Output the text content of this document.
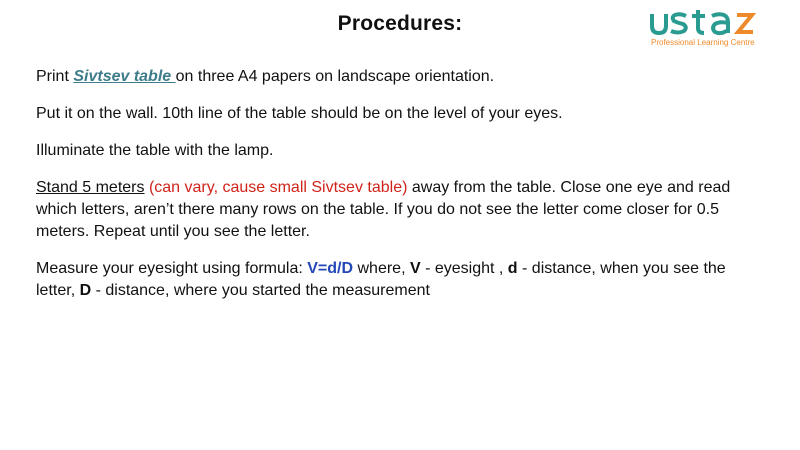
Procedures:
Professional Learning Centre

Print Sivtsev table on three A4 papers on landscape orientation.

Put it on the wall. 10th line of the table should be on the level of your eyes.

Illuminate the table with the lamp.

Stand 5 meters (can vary, cause small Sivtsev table) away from the table. Close one eye and read which letters, aren’t there many rows on the table. If you do not see the letter come closer for 0.5 meters. Repeat until you see the letter.

Measure your eyesight using formula: V=d/D where, V - eyesight , d - distance, when you see the letter, D - distance, where you started the measurement
